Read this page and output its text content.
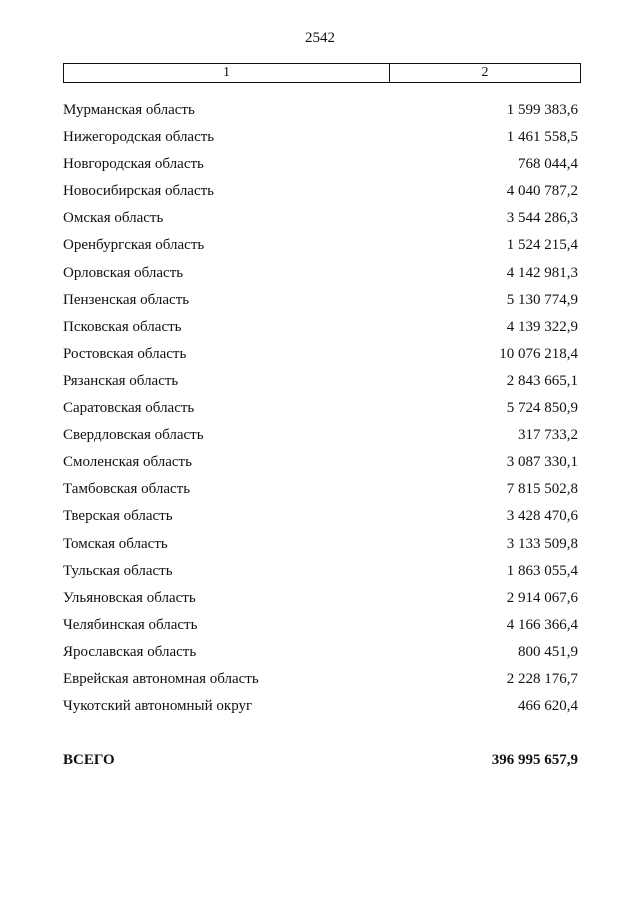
2542
1	2
Мурманская область	1 599 383,6
Нижегородская область	1 461 558,5
Новгородская область	768 044,4
Новосибирская область	4 040 787,2
Омская область	3 544 286,3
Оренбургская область	1 524 215,4
Орловская область	4 142 981,3
Пензенская область	5 130 774,9
Псковская область	4 139 322,9
Ростовская область	10 076 218,4
Рязанская область	2 843 665,1
Саратовская область	5 724 850,9
Свердловская область	317 733,2
Смоленская область	3 087 330,1
Тамбовская область	7 815 502,8
Тверская область	3 428 470,6
Томская область	3 133 509,8
Тульская область	1 863 055,4
Ульяновская область	2 914 067,6
Челябинская область	4 166 366,4
Ярославская область	800 451,9
Еврейская автономная область	2 228 176,7
Чукотский автономный округ	466 620,4
ВСЕГО	396 995 657,9
